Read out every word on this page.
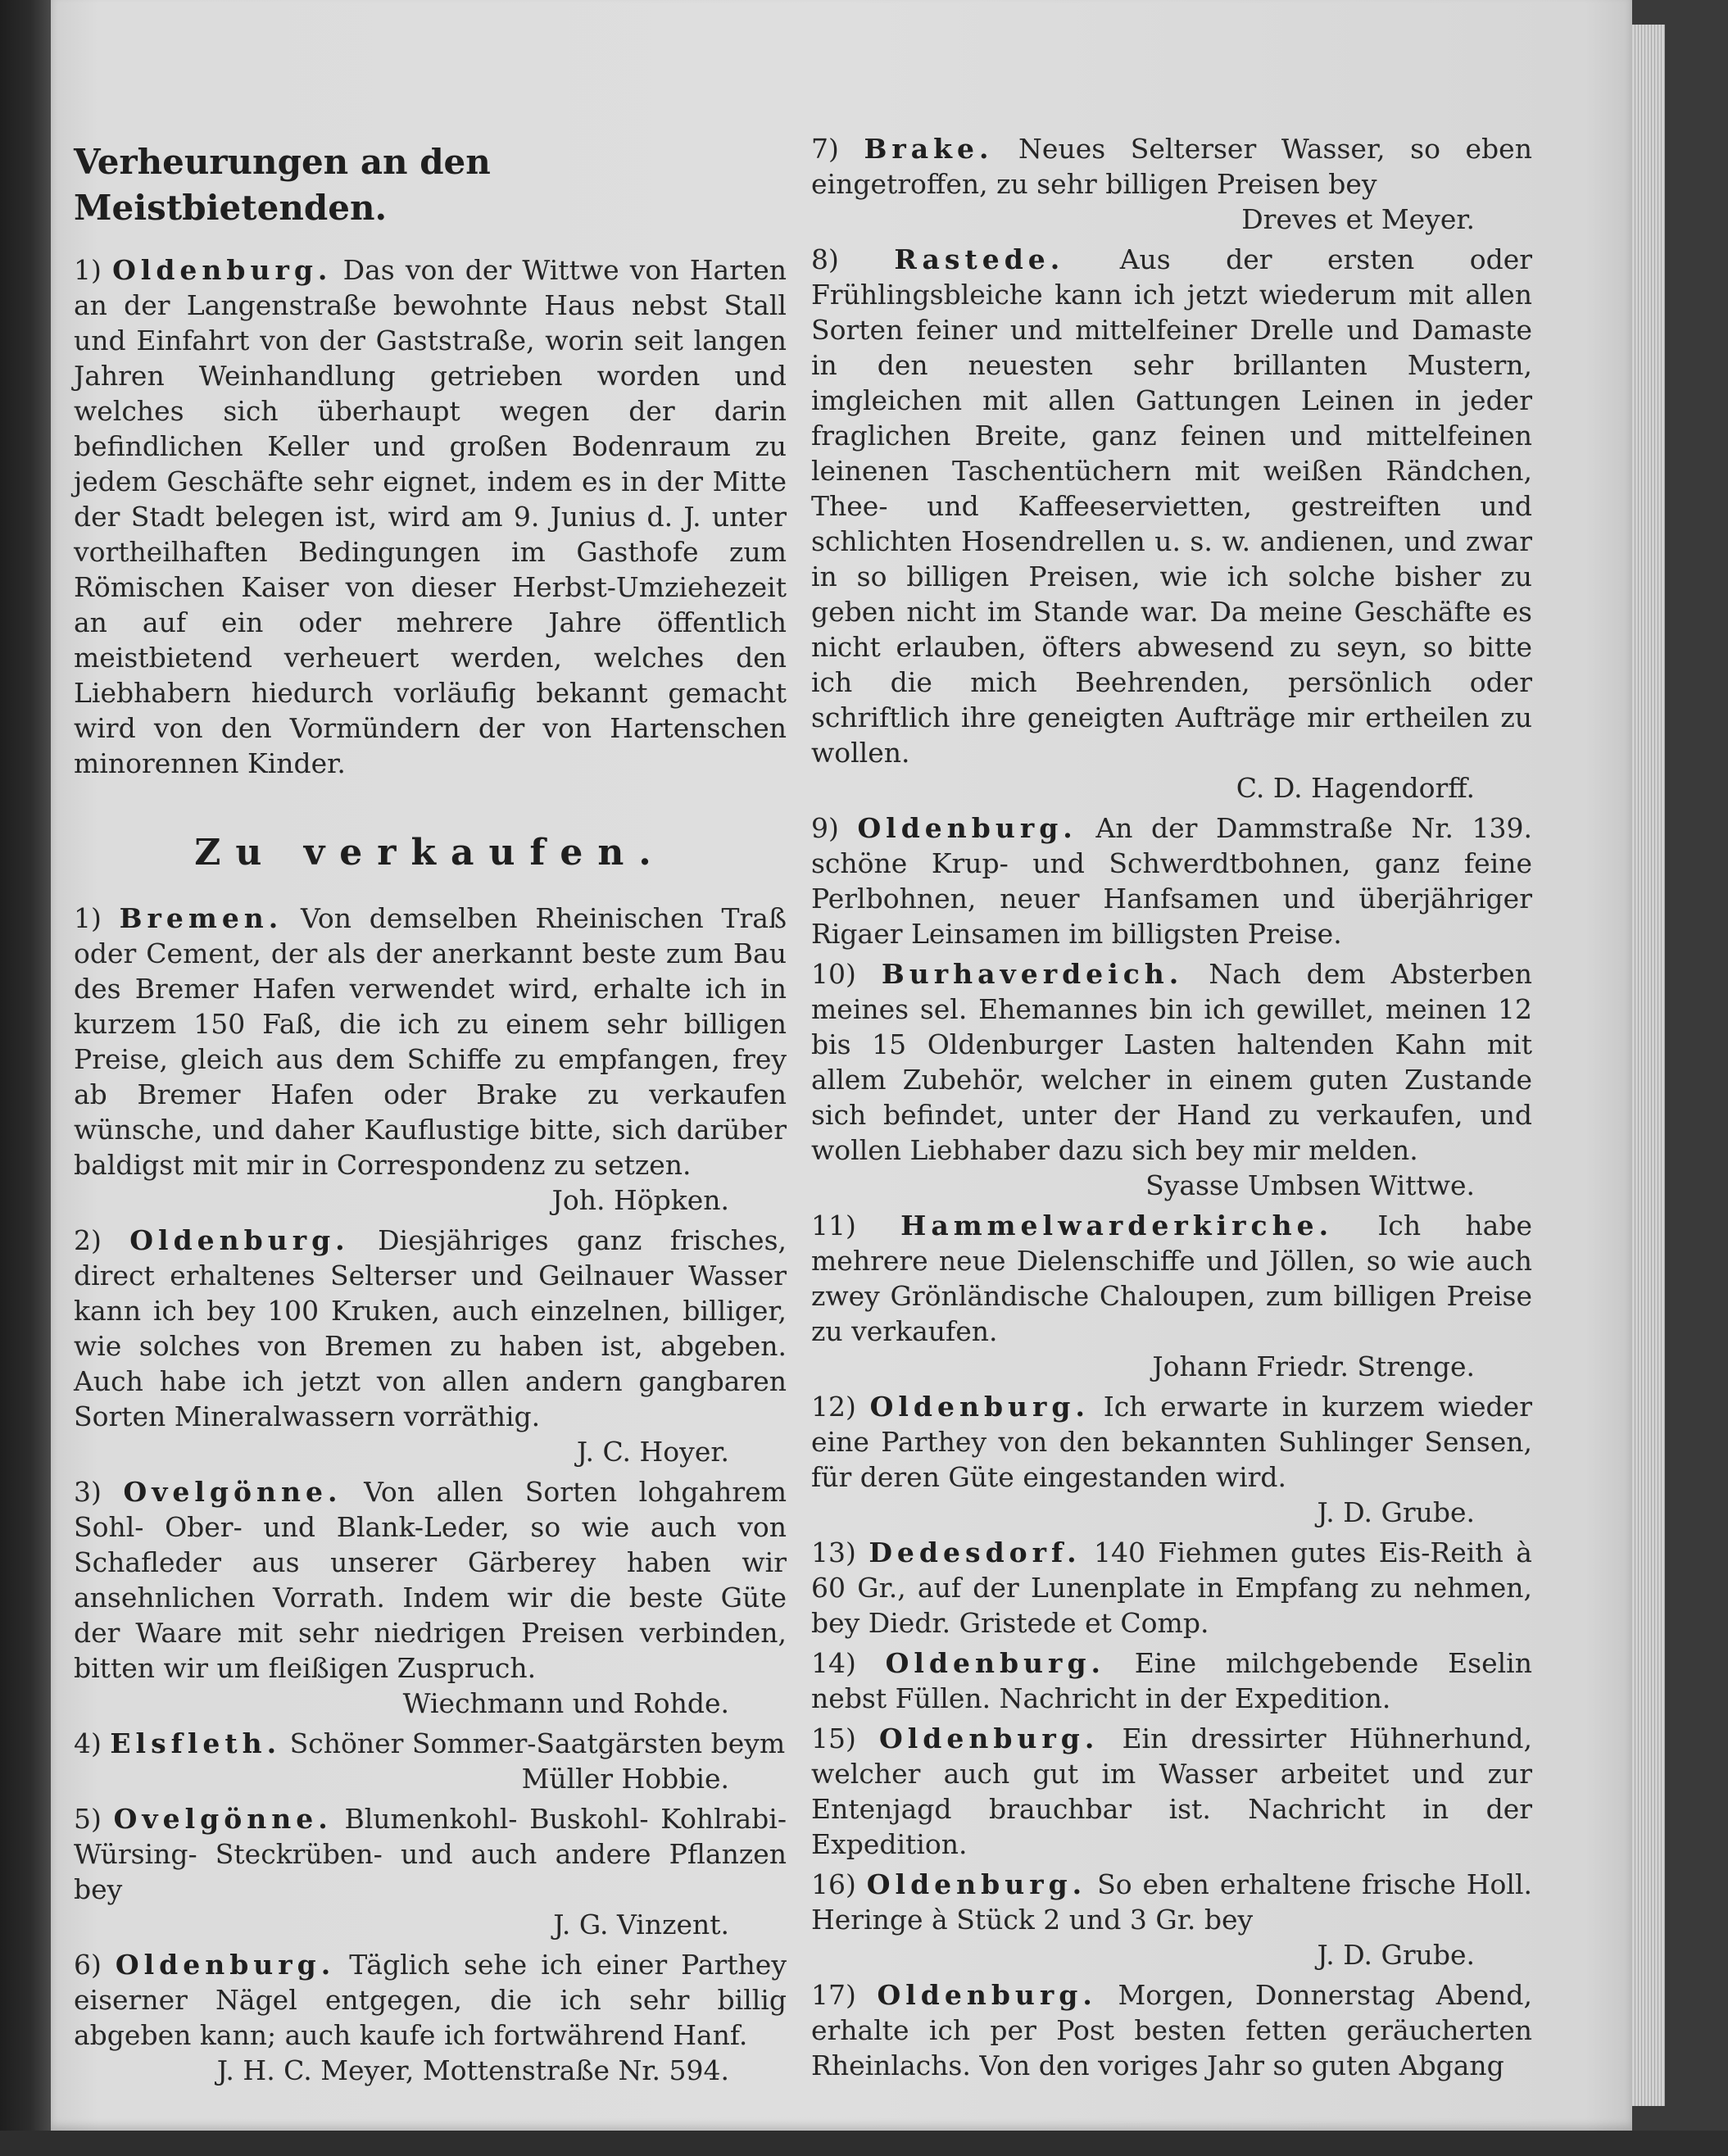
Verheurungen an den Meistbietenden.

1) Oldenburg. Das von der Wittwe von Harten an der Langenstraße bewohnte Haus nebst Stall und Einfahrt von der Gaststraße, worin seit langen Jahren Weinhandlung getrieben worden und welches sich überhaupt wegen der darin befindlichen Keller und großen Bodenraum zu jedem Geschäfte sehr eignet, indem es in der Mitte der Stadt belegen ist, wird am 9. Junius d. J. unter vortheilhaften Bedingungen im Gasthofe zum Römischen Kaiser von dieser Herbst-Umziehezeit an auf ein oder mehrere Jahre öffentlich meistbietend verheuert werden, welches den Liebhabern hiedurch vorläufig bekannt gemacht wird von den Vormündern der von Hartenschen minorennen Kinder.

Zu verkaufen.

1) Bremen. Von demselben Rheinischen Traß oder Cement, der als der anerkannt beste zum Bau des Bremer Hafen verwendet wird, erhalte ich in kurzem 150 Faß, die ich zu einem sehr billigen Preise, gleich aus dem Schiffe zu empfangen, frey ab Bremer Hafen oder Brake zu verkaufen wünsche, und daher Kauflustige bitte, sich darüber baldigst mit mir in Correspondenz zu setzen.

Joh. Höpken.

2) Oldenburg. Diesjähriges ganz frisches, direct erhaltenes Selterser und Geilnauer Wasser kann ich bey 100 Kruken, auch einzelnen, billiger, wie solches von Bremen zu haben ist, abgeben. Auch habe ich jetzt von allen andern gangbaren Sorten Mineralwassern vorräthig.

J. C. Hoyer.

3) Ovelgönne. Von allen Sorten lohgahrem Sohl- Ober- und Blank-Leder, so wie auch von Schafleder aus unserer Gärberey haben wir ansehnlichen Vorrath. Indem wir die beste Güte der Waare mit sehr niedrigen Preisen verbinden, bitten wir um fleißigen Zuspruch.

Wiechmann und Rohde.

4) Elsfleth. Schöner Sommer-Saatgärsten beym

Müller Hobbie.

5) Ovelgönne. Blumenkohl- Buskohl- Kohlrabi- Würsing- Steckrüben- und auch andere Pflanzen bey

J. G. Vinzent.

6) Oldenburg. Täglich sehe ich einer Parthey eiserner Nägel entgegen, die ich sehr billig abgeben kann; auch kaufe ich fortwährend Hanf.

J. H. C. Meyer, Mottenstraße Nr. 594.

7) Brake. Neues Selterser Wasser, so eben eingetroffen, zu sehr billigen Preisen bey

Dreves et Meyer.

8) Rastede. Aus der ersten oder Frühlingsbleiche kann ich jetzt wiederum mit allen Sorten feiner und mittelfeiner Drelle und Damaste in den neuesten sehr brillanten Mustern, imgleichen mit allen Gattungen Leinen in jeder fraglichen Breite, ganz feinen und mittelfeinen leinenen Taschentüchern mit weißen Rändchen, Thee- und Kaffeeservietten, gestreiften und schlichten Hosendrellen u. s. w. andienen, und zwar in so billigen Preisen, wie ich solche bisher zu geben nicht im Stande war. Da meine Geschäfte es nicht erlauben, öfters abwesend zu seyn, so bitte ich die mich Beehrenden, persönlich oder schriftlich ihre geneigten Aufträge mir ertheilen zu wollen.

C. D. Hagendorff.

9) Oldenburg. An der Dammstraße Nr. 139. schöne Krup- und Schwerdtbohnen, ganz feine Perlbohnen, neuer Hanfsamen und überjähriger Rigaer Leinsamen im billigsten Preise.

10) Burhaverdeich. Nach dem Absterben meines sel. Ehemannes bin ich gewillet, meinen 12 bis 15 Oldenburger Lasten haltenden Kahn mit allem Zubehör, welcher in einem guten Zustande sich befindet, unter der Hand zu verkaufen, und wollen Liebhaber dazu sich bey mir melden.

Syasse Umbsen Wittwe.

11) Hammelwarderkirche. Ich habe mehrere neue Dielenschiffe und Jöllen, so wie auch zwey Grönländische Chaloupen, zum billigen Preise zu verkaufen.

Johann Friedr. Strenge.

12) Oldenburg. Ich erwarte in kurzem wieder eine Parthey von den bekannten Suhlinger Sensen, für deren Güte eingestanden wird.

J. D. Grube.

13) Dedesdorf. 140 Fiehmen gutes Eis-Reith à 60 Gr., auf der Lunenplate in Empfang zu nehmen, bey Diedr. Gristede et Comp.

14) Oldenburg. Eine milchgebende Eselin nebst Füllen. Nachricht in der Expedition.

15) Oldenburg. Ein dressirter Hühnerhund, welcher auch gut im Wasser arbeitet und zur Entenjagd brauchbar ist. Nachricht in der Expedition.

16) Oldenburg. So eben erhaltene frische Holl. Heringe à Stück 2 und 3 Gr. bey

J. D. Grube.

17) Oldenburg. Morgen, Donnerstag Abend, erhalte ich per Post besten fetten geräucherten Rheinlachs. Von den voriges Jahr so guten Abgang
